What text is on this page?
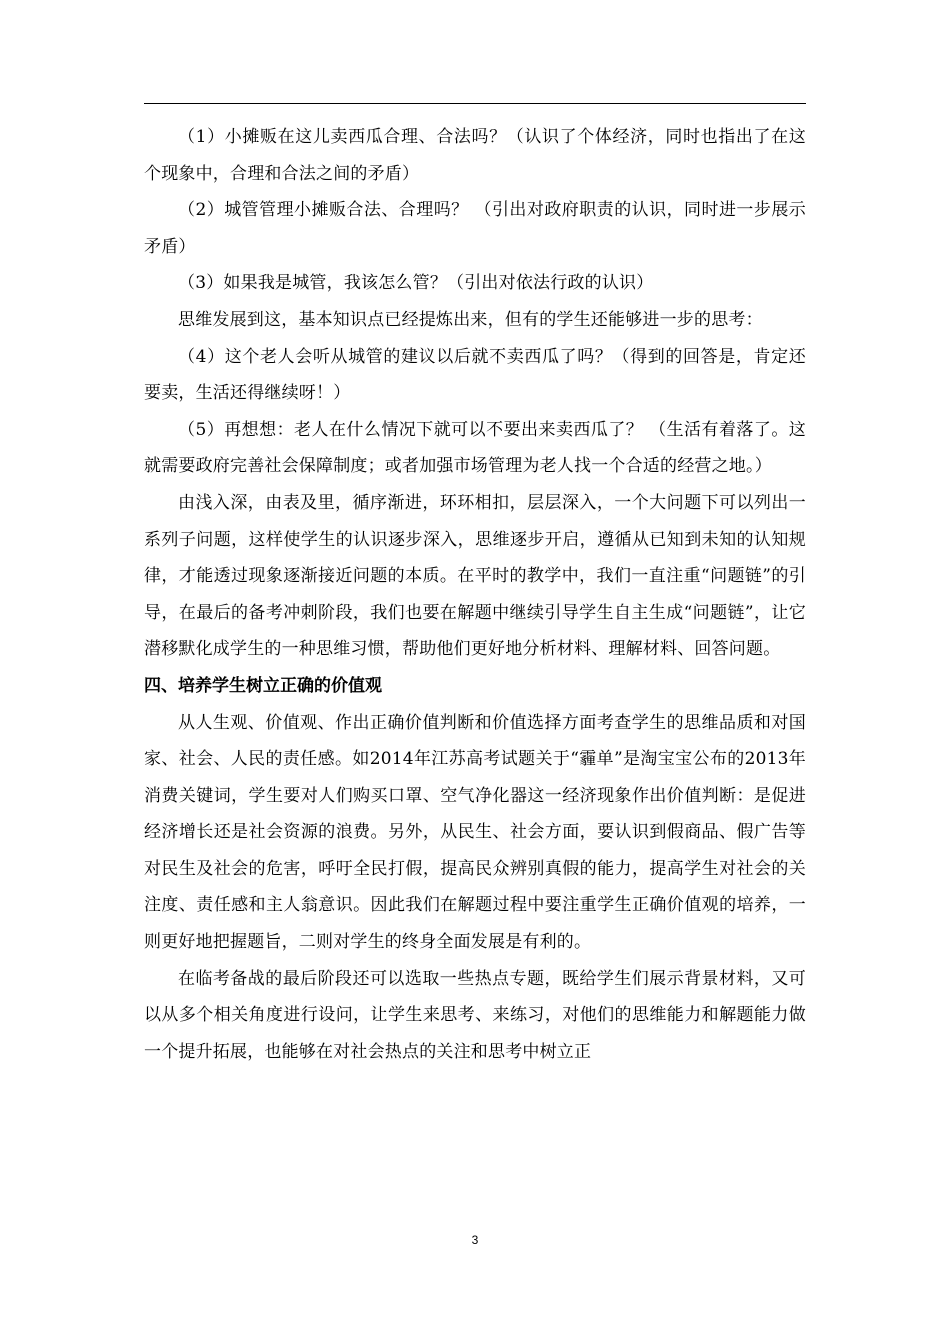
（1）小摊贩在这儿卖西瓜合理、合法吗？（认识了个体经济，同时也指出了在这个现象中，合理和合法之间的矛盾）

（2）城管管理小摊贩合法、合理吗？ （引出对政府职责的认识，同时进一步展示矛盾）

（3）如果我是城管，我该怎么管？（引出对依法行政的认识）

思维发展到这，基本知识点已经提炼出来，但有的学生还能够进一步的思考：

（4）这个老人会听从城管的建议以后就不卖西瓜了吗？（得到的回答是，肯定还要卖，生活还得继续呀！）

（5）再想想：老人在什么情况下就可以不要出来卖西瓜了？ （生活有着落了。这就需要政府完善社会保障制度；或者加强市场管理为老人找一个合适的经营之地。）

由浅入深，由表及里，循序渐进，环环相扣，层层深入，一个大问题下可以列出一系列子问题，这样使学生的认识逐步深入，思维逐步开启，遵循从已知到未知的认知规律，才能透过现象逐渐接近问题的本质。在平时的教学中，我们一直注重“问题链”的引导，在最后的备考冲刺阶段，我们也要在解题中继续引导学生自主生成“问题链”，让它潜移默化成学生的一种思维习惯，帮助他们更好地分析材料、理解材料、回答问题。

四、培养学生树立正确的价值观

从人生观、价值观、作出正确价值判断和价值选择方面考查学生的思维品质和对国家、社会、人民的责任感。如2014年江苏高考试题关于“霾单”是淘宝宝公布的2013年消费关键词，学生要对人们购买口罩、空气净化器这一经济现象作出价值判断：是促进经济增长还是社会资源的浪费。另外，从民生、社会方面，要认识到假商品、假广告等对民生及社会的危害，呼吁全民打假，提高民众辨别真假的能力，提高学生对社会的关注度、责任感和主人翁意识。因此我们在解题过程中要注重学生正确价值观的培养，一则更好地把握题旨，二则对学生的终身全面发展是有利的。

在临考备战的最后阶段还可以选取一些热点专题，既给学生们展示背景材料，又可以从多个相关角度进行设问，让学生来思考、来练习，对他们的思维能力和解题能力做一个提升拓展，也能够在对社会热点的关注和思考中树立正

3
